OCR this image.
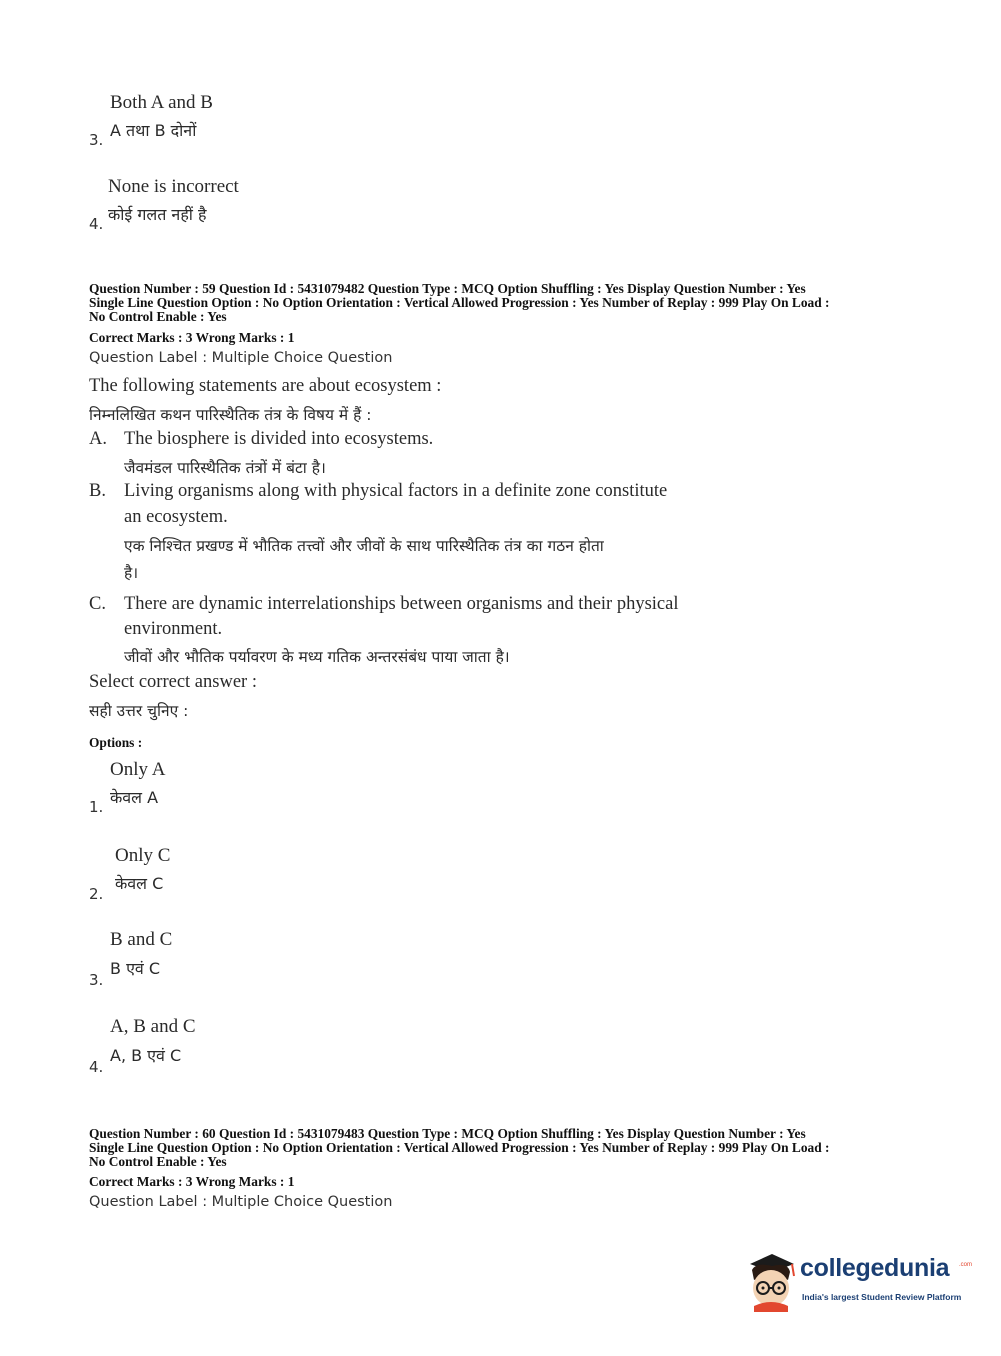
Both A and B
3. A तथा B दोनों
None is incorrect
4. कोई गलत नहीं है
Question Number : 59 Question Id : 5431079482 Question Type : MCQ Option Shuffling : Yes Display Question Number : Yes
Single Line Question Option : No Option Orientation : Vertical Allowed Progression : Yes Number of Replay : 999 Play On Load :
No Control Enable : Yes
Correct Marks : 3 Wrong Marks : 1
Question Label : Multiple Choice Question
The following statements are about ecosystem :
निम्नलिखित कथन पारिस्थैतिक तंत्र के विषय में हैं :
A. The biosphere is divided into ecosystems.
जैवमंडल पारिस्थैतिक तंत्रों में बंटा है।
B. Living organisms along with physical factors in a definite zone constitute
an ecosystem.
एक निश्चित प्रखण्ड में भौतिक तत्त्वों और जीवों के साथ पारिस्थैतिक तंत्र का गठन होता
है।
C. There are dynamic interrelationships between organisms and their physical
environment.
जीवों और भौतिक पर्यावरण के मध्य गतिक अन्तरसंबंध पाया जाता है।
Select correct answer :
सही उत्तर चुनिए :
Options :
Only A
केवल A
1.
Only C
केवल C
2.
B and C
B एवं C
3.
A, B and C
A, B एवं C
4.
Question Number : 60 Question Id : 5431079483 Question Type : MCQ Option Shuffling : Yes Display Question Number : Yes
Single Line Question Option : No Option Orientation : Vertical Allowed Progression : Yes Number of Replay : 999 Play On Load :
No Control Enable : Yes
Correct Marks : 3 Wrong Marks : 1
Question Label : Multiple Choice Question
collegedunia .com
India's largest Student Review Platform
